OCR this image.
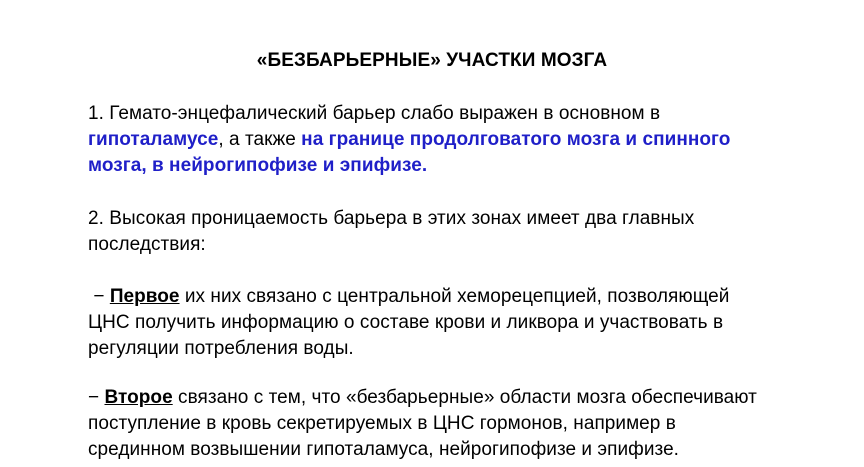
«БЕЗБАРЬЕРНЫЕ» УЧАСТКИ МОЗГА
1. Гемато-энцефалический барьер слабо выражен в основном в
гипоталамусе, а также на границе продолговатого мозга и спинного
мозга, в нейрогипофизе и эпифизе.
2. Высокая проницаемость барьера в этих зонах имеет два главных
последствия:
− Первое их них связано с центральной хеморецепцией, позволяющей
ЦНС получить информацию о составе крови и ликвора и участвовать в
регуляции потребления воды.
− Второе связано с тем, что «безбарьерные» области мозга обеспечивают
поступление в кровь секретируемых в ЦНС гормонов, например в
срединном возвышении гипоталамуса, нейрогипофизе и эпифизе.
